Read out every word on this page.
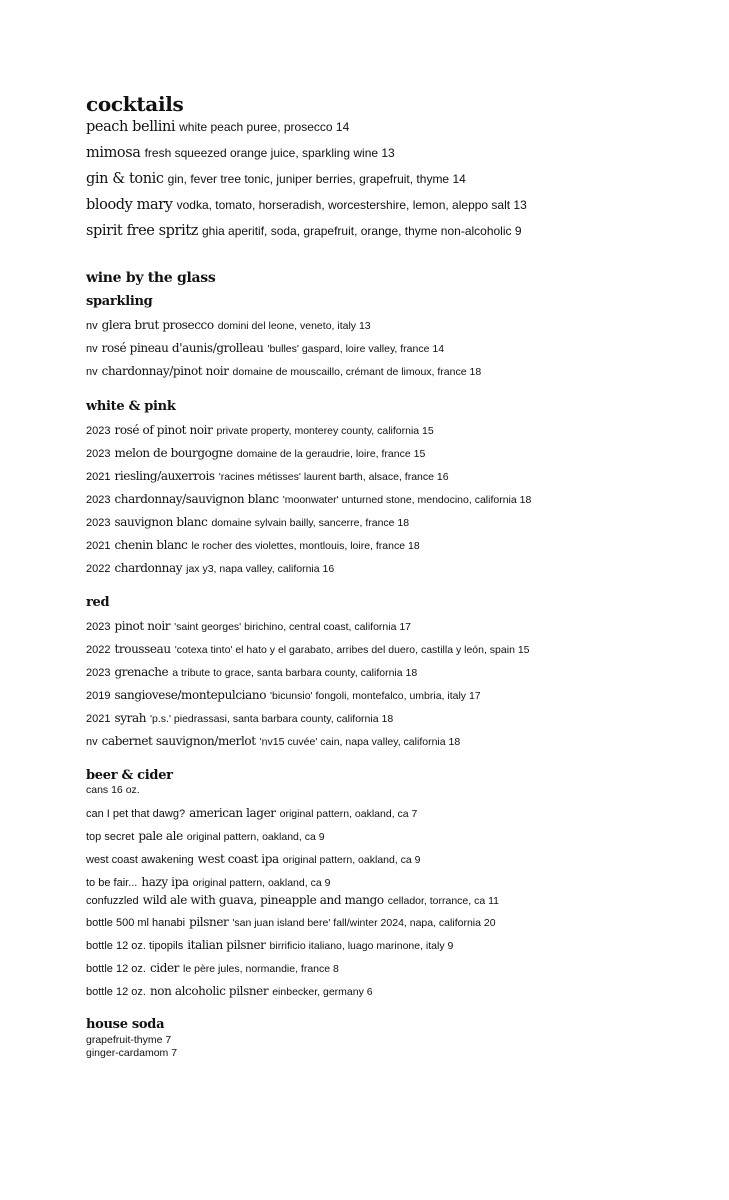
cocktails
peach bellini white peach puree, prosecco 14
mimosa fresh squeezed orange juice, sparkling wine 13
gin & tonic gin, fever tree tonic, juniper berries, grapefruit, thyme 14
bloody mary vodka, tomato, horseradish, worcestershire, lemon, aleppo salt 13
spirit free spritz ghia aperitif, soda, grapefruit, orange, thyme non-alcoholic 9
wine by the glass
sparkling
nv glera brut prosecco domini del leone, veneto, italy 13
nv rosé pineau d'aunis/grolleau 'bulles' gaspard, loire valley, france 14
nv chardonnay/pinot noir domaine de mouscaillo, crémant de limoux, france 18
white & pink
2023 rosé of pinot noir private property, monterey county, california 15
2023 melon de bourgogne domaine de la geraudrie, loire, france 15
2021 riesling/auxerrois 'racines métisses' laurent barth, alsace, france 16
2023 chardonnay/sauvignon blanc 'moonwater' unturned stone, mendocino, california 18
2023 sauvignon blanc domaine sylvain bailly, sancerre, france 18
2021 chenin blanc le rocher des violettes, montlouis, loire, france 18
2022 chardonnay jax y3, napa valley, california 16
red
2023 pinot noir 'saint georges' birichino, central coast, california 17
2022 trousseau 'cotexa tinto' el hato y el garabato, arribes del duero, castilla y león, spain 15
2023 grenache a tribute to grace, santa barbara county, california 18
2019 sangiovese/montepulciano 'bicunsio' fongoli, montefalco, umbria, italy 17
2021 syrah 'p.s.' piedrassasi, santa barbara county, california 18
nv cabernet sauvignon/merlot 'nv15 cuvée' cain, napa valley, california 18
beer & cider
cans 16 oz.
can I pet that dawg? american lager original pattern, oakland, ca 7
top secret pale ale original pattern, oakland, ca 9
west coast awakening west coast ipa original pattern, oakland, ca 9
to be fair... hazy ipa original pattern, oakland, ca 9
confuzzled wild ale with guava, pineapple and mango cellador, torrance, ca 11
bottle 500 ml hanabi pilsner 'san juan island bere' fall/winter 2024, napa, california 20
bottle 12 oz. tipopils italian pilsner birrificio italiano, luago marinone, italy 9
bottle 12 oz. cider le père jules, normandie, france 8
bottle 12 oz. non alcoholic pilsner einbecker, germany 6
house soda
grapefruit-thyme 7
ginger-cardamom 7
